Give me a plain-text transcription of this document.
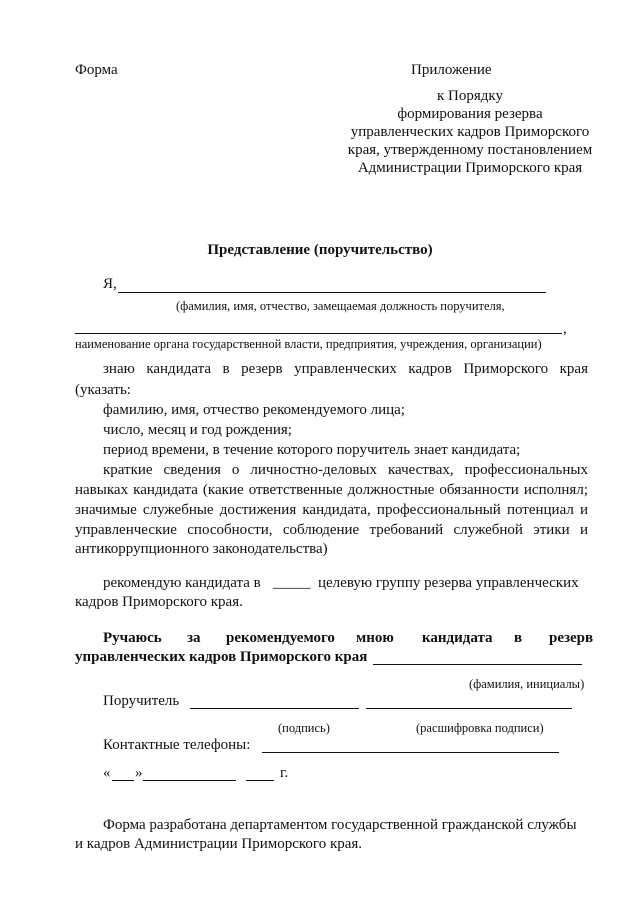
Форма	Приложение
к Порядку
формирования резерва
управленческих кадров Приморского
края, утвержденному постановлением
Администрации Приморского края
Представление (поручительство)
Я,
(фамилия, имя, отчество, замещаемая должность поручителя,
,
наименование органа государственной власти, предприятия, учреждения, организации)
знаю кандидата в резерв управленческих кадров Приморского края
(указать:
фамилию, имя, отчество рекомендуемого лица;
число, месяц и год рождения;
период времени, в течение которого поручитель знает кандидата;
краткие сведения о личностно-деловых качествах, профессиональных
навыках кандидата (какие ответственные должностные обязанности исполнял;
значимые служебные достижения кандидата, профессиональный потенциал и
управленческие способности, соблюдение требований служебной этики и
антикоррупционного законодательства)
рекомендую кандидата в _____ целевую группу резерва управленческих
кадров Приморского края.
Ручаюсь за рекомендуемого мною кандидата в резерв
управленческих кадров Приморского края
(фамилия, инициалы)
Поручитель
(подпись)	(расшифровка подписи)
Контактные телефоны:
« »	г.
Форма разработана департаментом государственной гражданской службы
и кадров Администрации Приморского края.
